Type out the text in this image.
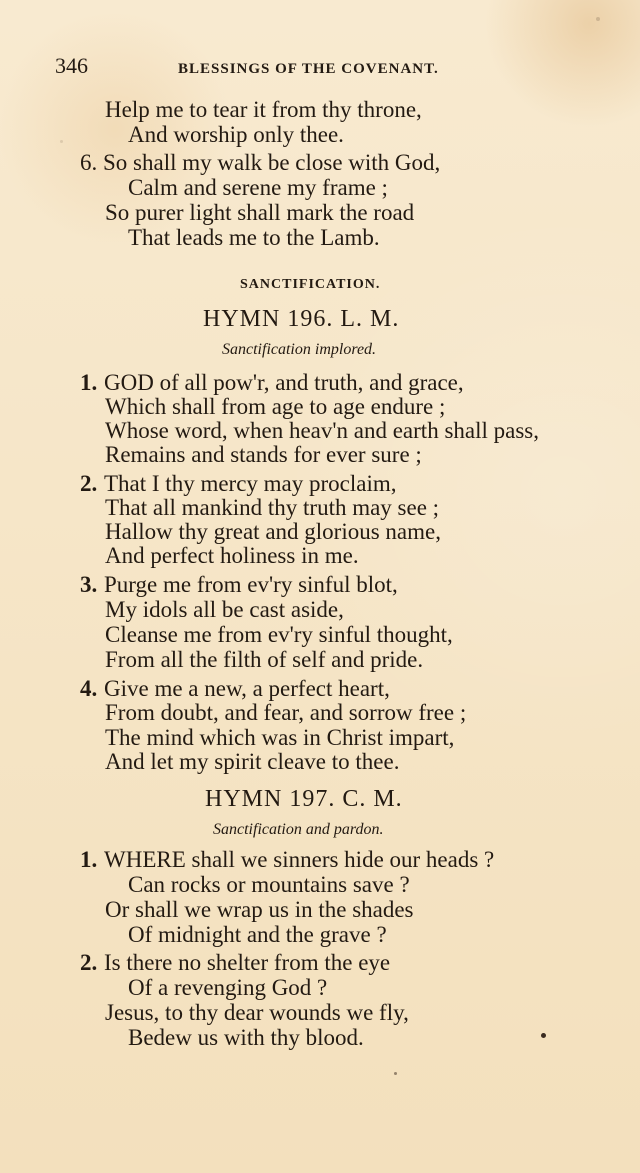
346	BLESSINGS OF THE COVENANT.
Help me to tear it from thy throne,
And worship only thee.
6. So shall my walk be close with God,
Calm and serene my frame ;
So purer light shall mark the road
That leads me to the Lamb.
SANCTIFICATION.
HYMN 196. L. M.
Sanctification implored.
1. GOD of all pow'r, and truth, and grace,
Which shall from age to age endure ;
Whose word, when heav'n and earth shall pass,
Remains and stands for ever sure ;
2. That I thy mercy may proclaim,
That all mankind thy truth may see ;
Hallow thy great and glorious name,
And perfect holiness in me.
3. Purge me from ev'ry sinful blot,
My idols all be cast aside,
Cleanse me from ev'ry sinful thought,
From all the filth of self and pride.
4. Give me a new, a perfect heart,
From doubt, and fear, and sorrow free ;
The mind which was in Christ impart,
And let my spirit cleave to thee.
HYMN 197. C. M.
Sanctification and pardon.
1. WHERE shall we sinners hide our heads ?
Can rocks or mountains save ?
Or shall we wrap us in the shades
Of midnight and the grave ?
2. Is there no shelter from the eye
Of a revenging God ?
Jesus, to thy dear wounds we fly,
Bedew us with thy blood.
